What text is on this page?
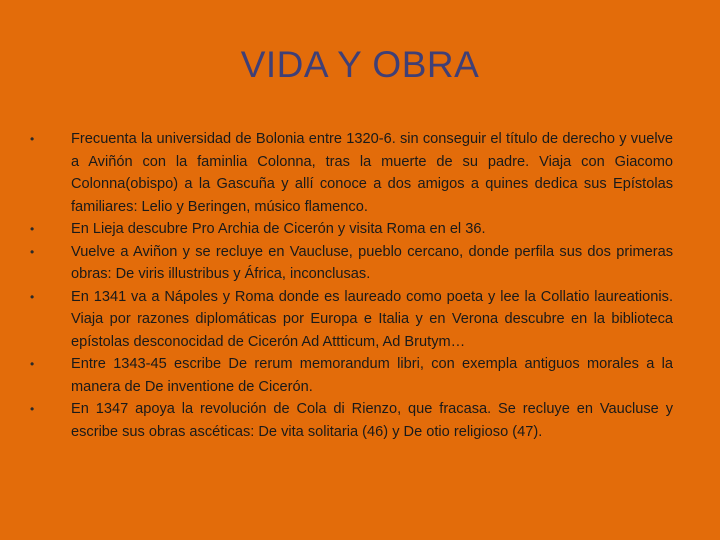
VIDA Y OBRA
•	Frecuenta la universidad de Bolonia entre 1320-6. sin conseguir el título de derecho y vuelve a Aviñón con la faminlia Colonna, tras la muerte de su padre. Viaja con Giacomo Colonna(obispo) a la Gascuña y allí conoce a dos amigos a quines dedica sus Epístolas familiares: Lelio y Beringen, músico flamenco.
•	En Lieja descubre Pro Archia de Cicerón y visita Roma en el 36.
•	Vuelve a Aviñon y se recluye en Vaucluse, pueblo cercano, donde perfila sus dos primeras obras: De viris illustribus y África, inconclusas.
•	En 1341 va a Nápoles y Roma donde es laureado como poeta y lee la Collatio laureationis. Viaja por razones diplomáticas por Europa e Italia y en Verona descubre en la biblioteca epístolas desconocidad de Cicerón Ad Attticum, Ad Brutym…
•	Entre 1343-45 escribe De rerum memorandum libri, con exempla antiguos morales a la manera de De inventione de Cicerón.
•	En 1347 apoya la revolución de Cola di Rienzo, que fracasa. Se recluye en Vaucluse y escribe sus obras ascéticas: De vita solitaria (46) y De otio religioso (47).
